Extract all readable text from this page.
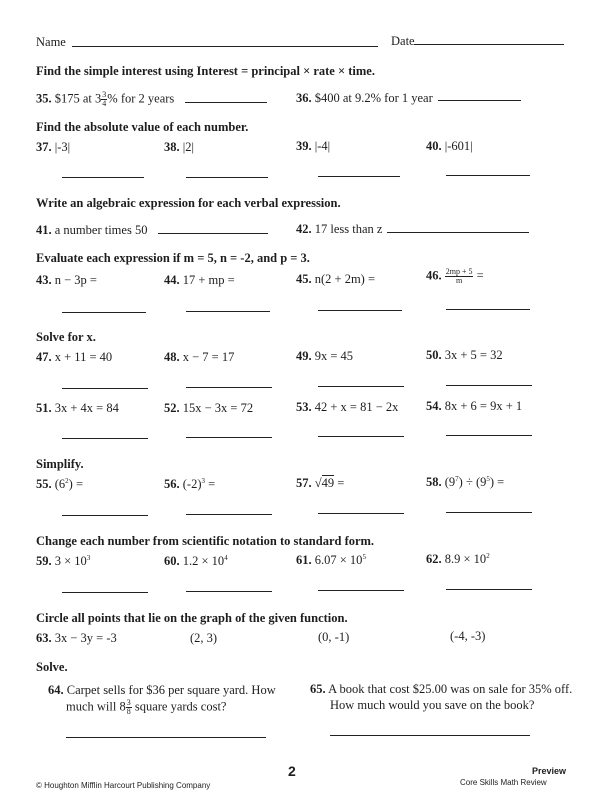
Name	Date
Find the simple interest using Interest = principal × rate × time.
35. $175 at $3 \frac{3}{4}$ % for 2 years	36. $400 at 9.2% for 1 year
Find the absolute value of each number.
37. |-3|	38. |2|	39. |-4|	40. |-601|
Write an algebraic expression for each verbal expression.
41. a number times 50	42. 17 less than z
Evaluate each expression if m = 5, n = -2, and p = 3.
43. n − 3p =	44. 17 + mp =	45. n(2 + 2m) =	46. $\frac{2mp + 5}{m}$ =
Solve for x.
47. x + 11 = 40	48. x − 7 = 17	49. 9x = 45	50. 3x + 5 = 32
51. 3x + 4x = 84	52. 15x − 3x = 72	53. 42 + x = 81 − 2x 54. 8x + 6 = 9x + 1
Simplify.
55. $(6^2)$ =	56. $(-2)^3$ =	57. √49 =	58. $(9^7) \div (9^5)$ =
Change each number from scientific notation to standard form.
59. $3 \times 10^3$	60. $1.2 \times 10^4$	61. $6.07 \times 10^5$	62. $8.9 \times 10^2$
Circle all points that lie on the graph of the given function.
63. 3x − 3y = -3	(2, 3)	(0, -1)	(-4, -3)
Solve.
64. Carpet sells for $36 per square yard. How
much will $8 \frac{3}{8}$ square yards cost?
65. A book that cost $25.00 was on sale for 35% off.
How much would you save on the book?
© Houghton Mifflin Harcourt Publishing Company
2	Preview
Core Skills Math Review
